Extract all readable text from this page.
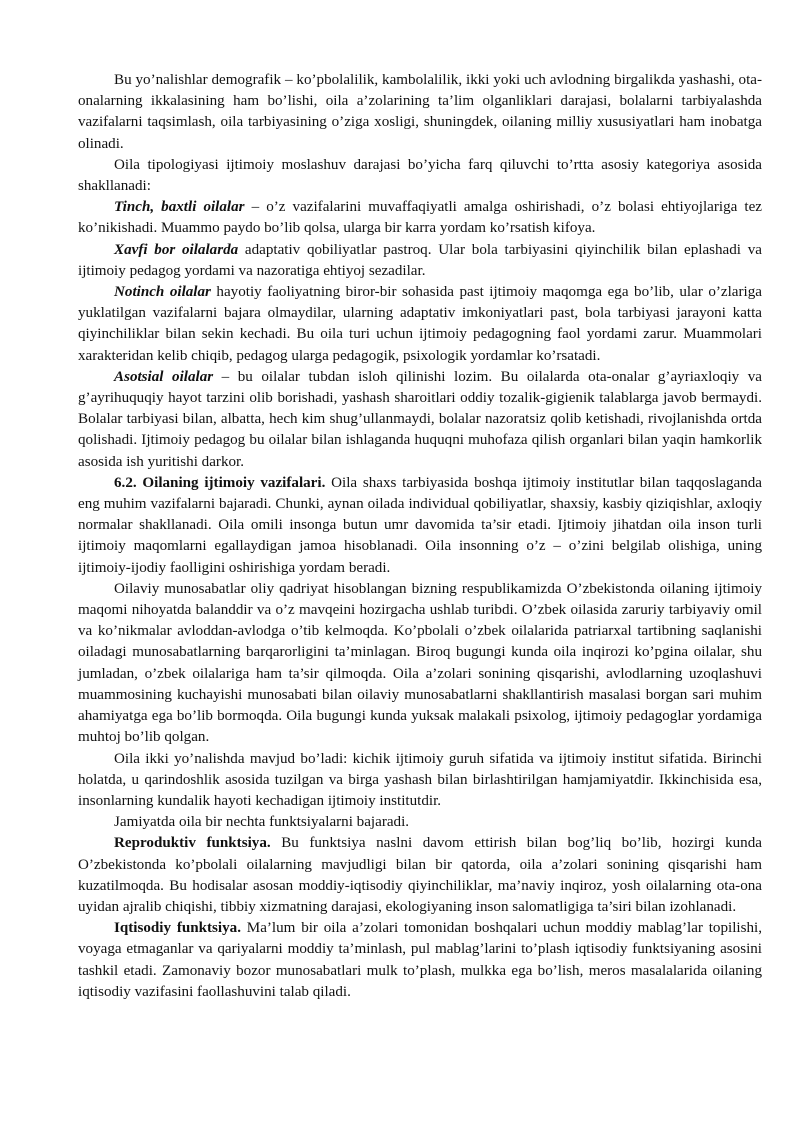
Bu yo’nalishlar demografik – ko’pbolalilik, kambolalilik, ikki yoki uch avlodning birgalikda yashashi, ota-onalarning ikkalasining ham bo’lishi, oila a’zolarining ta’lim olganliklari darajasi, bolalarni tarbiyalashda vazifalarni taqsimlash, oila tarbiyasining o’ziga xosligi, shuningdek, oilaning milliy xususiyatlari ham inobatga olinadi.

Oila tipologiyasi ijtimoiy moslashuv darajasi bo’yicha farq qiluvchi to’rtta asosiy kategoriya asosida shakllanadi:

Tinch, baxtli oilalar – o’z vazifalarini muvaffaqiyatli amalga oshirishadi, o’z bolasi ehtiyojlariga tez ko’nikishadi. Muammo paydo bo’lib qolsa, ularga bir karra yordam ko’rsatish kifoya.

Xavfi bor oilalarda adaptativ qobiliyatlar pastroq. Ular bola tarbiyasini qiyinchilik bilan eplashadi va ijtimoiy pedagog yordami va nazoratiga ehtiyoj sezadilar.

Notinch oilalar hayotiy faoliyatning biror-bir sohasida past ijtimoiy maqomga ega bo’lib, ular o’zlariga yuklatilgan vazifalarni bajara olmaydilar, ularning adaptativ imkoniyatlari past, bola tarbiyasi jarayoni katta qiyinchiliklar bilan sekin kechadi. Bu oila turi uchun ijtimoiy pedagogning faol yordami zarur. Muammolari xarakteridan kelib chiqib, pedagog ularga pedagogik, psixologik yordamlar ko’rsatadi.

Asotsial oilalar – bu oilalar tubdan isloh qilinishi lozim. Bu oilalarda ota-onalar g’ayriaxloqiy va g’ayrihuquqiy hayot tarzini olib borishadi, yashash sharoitlari oddiy tozalik-gigienik talablarga javob bermaydi. Bolalar tarbiyasi bilan, albatta, hech kim shug’ullanmaydi, bolalar nazoratsiz qolib ketishadi, rivojlanishda ortda qolishadi. Ijtimoiy pedagog bu oilalar bilan ishlaganda huquqni muhofaza qilish organlari bilan yaqin hamkorlik asosida ish yuritishi darkor.

6.2. Oilaning ijtimoiy vazifalari. Oila shaxs tarbiyasida boshqa ijtimoiy institutlar bilan taqqoslaganda eng muhim vazifalarni bajaradi. Chunki, aynan oilada individual qobiliyatlar, shaxsiy, kasbiy qiziqishlar, axloqiy normalar shakllanadi. Oila omili insonga butun umr davomida ta’sir etadi. Ijtimoiy jihatdan oila inson turli ijtimoiy maqomlarni egallaydigan jamoa hisoblanadi. Oila insonning o’z – o’zini belgilab olishiga, uning ijtimoiy-ijodiy faolligini oshirishiga yordam beradi.

Oilaviy munosabatlar oliy qadriyat hisoblangan bizning respublikamizda O’zbekistonda oilaning ijtimoiy maqomi nihoyatda balanddir va o’z mavqeini hozirgacha ushlab turibdi. O’zbek oilasida zaruriy tarbiyaviy omil va ko’nikmalar avloddan-avlodga o’tib kelmoqda. Ko’pbolali o’zbek oilalarida patriarxal tartibning saqlanishi oiladagi munosabatlarning barqarorligini ta’minlagan. Biroq bugungi kunda oila inqirozi ko’pgina oilalar, shu jumladan, o’zbek oilalariga ham ta’sir qilmoqda. Oila a’zolari sonining qisqarishi, avlodlarning uzoqlashuvi muammosining kuchayishi munosabati bilan oilaviy munosabatlarni shakllantirish masalasi borgan sari muhim ahamiyatga ega bo’lib bormoqda. Oila bugungi kunda yuksak malakali psixolog, ijtimoiy pedagoglar yordamiga muhtoj bo’lib qolgan.

Oila ikki yo’nalishda mavjud bo’ladi: kichik ijtimoiy guruh sifatida va ijtimoiy institut sifatida. Birinchi holatda, u qarindoshlik asosida tuzilgan va birga yashash bilan birlashtirilgan hamjamiyatdir. Ikkinchisida esa, insonlarning kundalik hayoti kechadigan ijtimoiy institutdir.

Jamiyatda oila bir nechta funktsiyalarni bajaradi.

Reproduktiv funktsiya. Bu funktsiya naslni davom ettirish bilan bog’liq bo’lib, hozirgi kunda O’zbekistonda ko’pbolali oilalarning mavjudligi bilan bir qatorda, oila a’zolari sonining qisqarishi ham kuzatilmoqda. Bu hodisalar asosan moddiy-iqtisodiy qiyinchiliklar, ma’naviy inqiroz, yosh oilalarning ota-ona uyidan ajralib chiqishi, tibbiy xizmatning darajasi, ekologiyaning inson salomatligiga ta’siri bilan izohlanadi.

Iqtisodiy funktsiya. Ma’lum bir oila a’zolari tomonidan boshqalari uchun moddiy mablag’lar topilishi, voyaga etmaganlar va qariyalarni moddiy ta’minlash, pul mablag’larini to’plash iqtisodiy funktsiyaning asosini tashkil etadi. Zamonaviy bozor munosabatlari mulk to’plash, mulkka ega bo’lish, meros masalalarida oilaning iqtisodiy vazifasini faollashuvini talab qiladi.
